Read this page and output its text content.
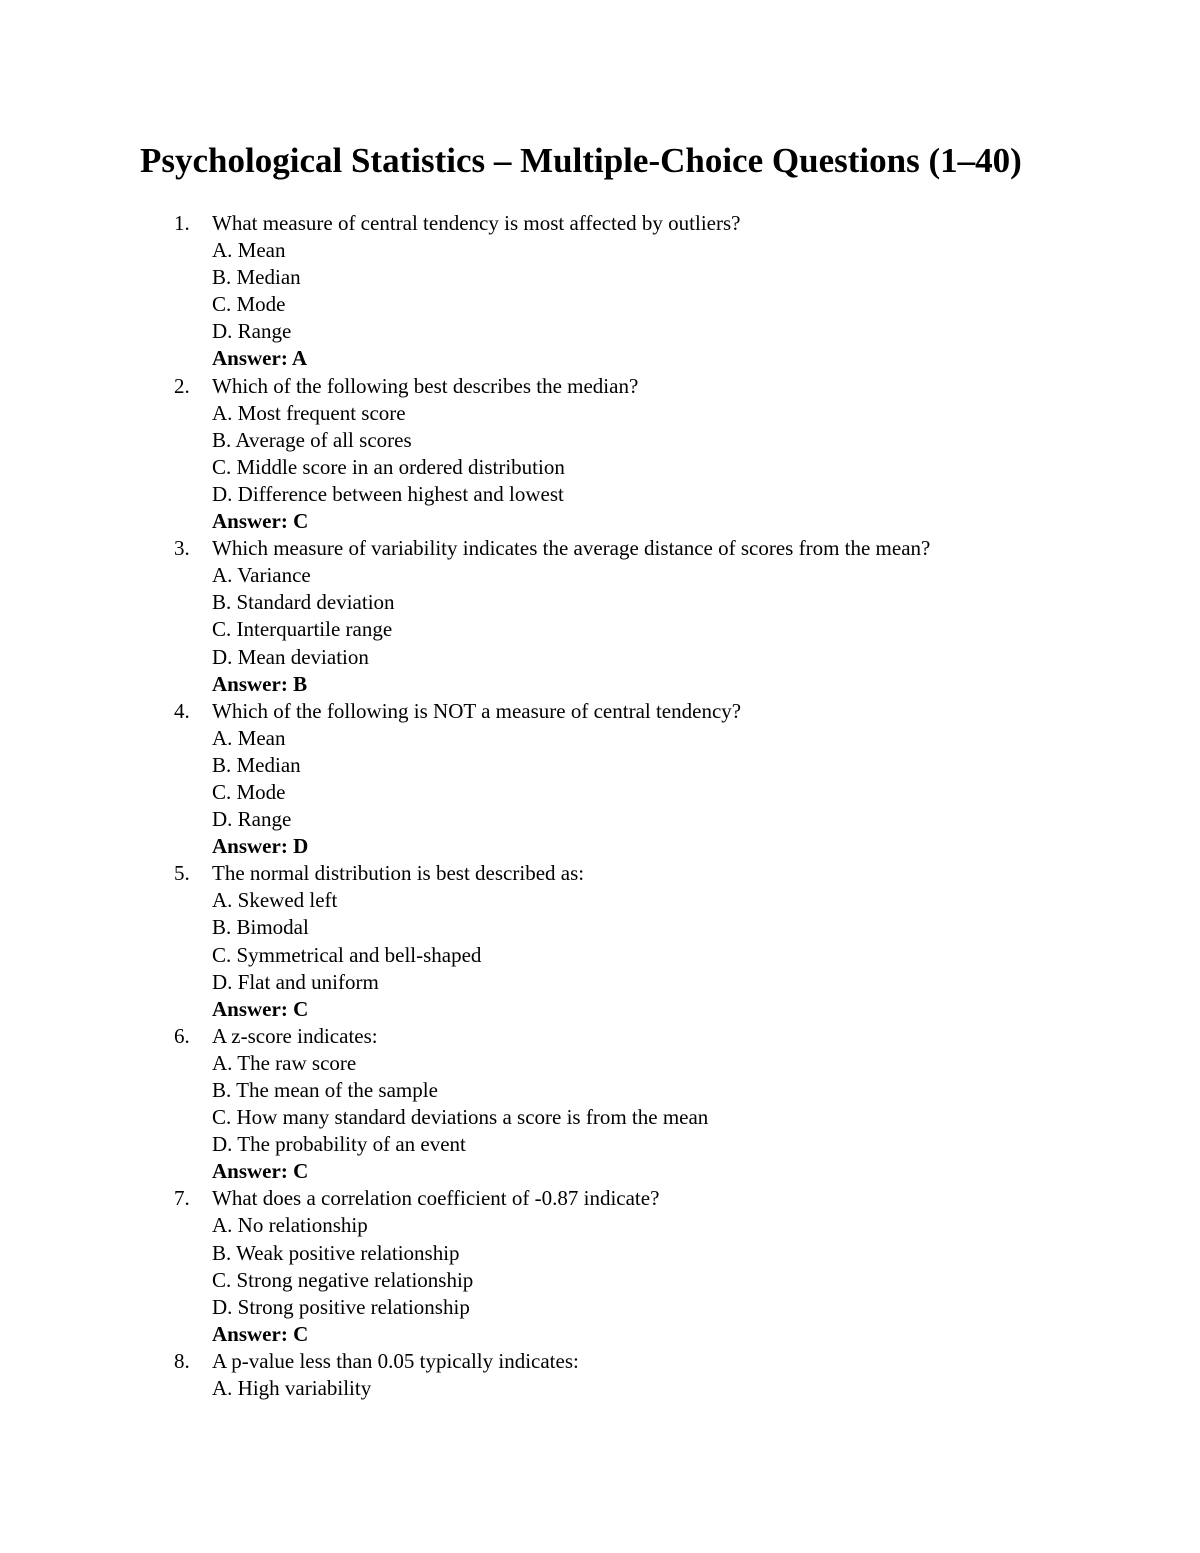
Psychological Statistics – Multiple-Choice Questions (1–40)
1. What measure of central tendency is most affected by outliers?
A. Mean
B. Median
C. Mode
D. Range
Answer: A
2. Which of the following best describes the median?
A. Most frequent score
B. Average of all scores
C. Middle score in an ordered distribution
D. Difference between highest and lowest
Answer: C
3. Which measure of variability indicates the average distance of scores from the mean?
A. Variance
B. Standard deviation
C. Interquartile range
D. Mean deviation
Answer: B
4. Which of the following is NOT a measure of central tendency?
A. Mean
B. Median
C. Mode
D. Range
Answer: D
5. The normal distribution is best described as:
A. Skewed left
B. Bimodal
C. Symmetrical and bell-shaped
D. Flat and uniform
Answer: C
6. A z-score indicates:
A. The raw score
B. The mean of the sample
C. How many standard deviations a score is from the mean
D. The probability of an event
Answer: C
7. What does a correlation coefficient of -0.87 indicate?
A. No relationship
B. Weak positive relationship
C. Strong negative relationship
D. Strong positive relationship
Answer: C
8. A p-value less than 0.05 typically indicates:
A. High variability
